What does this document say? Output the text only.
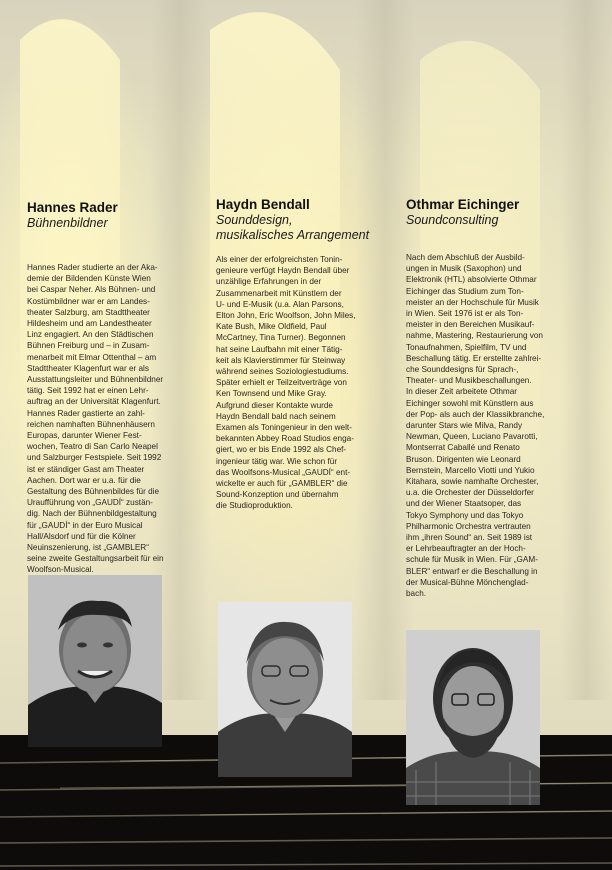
Hannes Rader
Bühnenbildner
Hannes Rader studierte an der Aka-
demie der Bildenden Künste Wien
bei Caspar Neher. Als Bühnen- und
Kostümbildner war er am Landes-
theater Salzburg, am Stadttheater
Hildesheim und am Landestheater
Linz engagiert. An den Städtischen
Bühnen Freiburg und – in Zusam-
menarbeit mit Elmar Ottenthal – am
Stadttheater Klagenfurt war er als
Ausstattungsleiter und Bühnenbildner
tätig. Seit 1992 hat er einen Lehr-
auftrag an der Universität Klagenfurt.
Hannes Rader gastierte an zahl-
reichen namhaften Bühnenhäusern
Europas, darunter Wiener Fest-
wochen, Teatro di San Carlo Neapel
und Salzburger Festspiele. Seit 1992
ist er ständiger Gast am Theater
Aachen. Dort war er u.a. für die
Gestaltung des Bühnenbildes für die
Uraufführung von „GAUDÍ“ zustän-
dig. Nach der Bühnenbildgestaltung
für „GAUDÍ“ in der Euro Musical
Hall/Alsdorf und für die Kölner
Neuinszenierung, ist „GAMBLER“
seine zweite Gestaltungsarbeit für ein
Woolfson-Musical.
Haydn Bendall
Sounddesign,
musikalisches Arrangement
Als einer der erfolgreichsten Tonin-
genieure verfügt Haydn Bendall über
unzählige Erfahrungen in der
Zusammenarbeit mit Künstlern der
U- und E-Musik (u.a. Alan Parsons,
Elton John, Eric Woolfson, John Miles,
Kate Bush, Mike Oldfield, Paul
McCartney, Tina Turner). Begonnen
hat seine Laufbahn mit einer Tätig-
keit als Klavierstimmer für Steinway
während seines Soziologiestudiums.
Später erhielt er Teilzeitverträge von
Ken Townsend und Mike Gray.
Aufgrund dieser Kontakte wurde
Haydn Bendall bald nach seinem
Examen als Toningenieur in den welt-
bekannten Abbey Road Studios enga-
giert, wo er bis Ende 1992 als Chef-
ingenieur tätig war. Wie schon für
das Woolfsons-Musical „GAUDÍ“ ent-
wickelte er auch für „GAMBLER“ die
Sound-Konzeption und übernahm
die Studioproduktion.
Othmar Eichinger
Soundconsulting
Nach dem Abschluß der Ausbild-
ungen in Musik (Saxophon) und
Elektronik (HTL) absolvierte Othmar
Eichinger das Studium zum Ton-
meister an der Hochschule für Musik
in Wien. Seit 1976 ist er als Ton-
meister in den Bereichen Musikauf-
nahme, Mastering, Restaurierung von
Tonaufnahmen, Spielfilm, TV und
Beschallung tätig. Er erstellte zahlrei-
che Sounddesigns für Sprach-,
Theater- und Musikbeschallungen.
In dieser Zeit arbeitete Othmar
Eichinger sowohl mit Künstlern aus
der Pop- als auch der Klassikbranche,
darunter Stars wie Milva, Randy
Newman, Queen, Luciano Pavarotti,
Montserrat Caballé und Renato
Bruson. Dirigenten wie Leonard
Bernstein, Marcello Viotti und Yukio
Kitahara, sowie namhafte Orchester,
u.a. die Orchester der Düsseldorfer
und der Wiener Staatsoper, das
Tokyo Symphony und das Tokyo
Philharmonic Orchestra vertrauten
ihm „ihren Sound“ an. Seit 1989 ist
er Lehrbeauftragter an der Hoch-
schule für Musik in Wien. Für „GAM-
BLER“ entwarf er die Beschallung in
der Musical-Bühne Mönchenglad-
bach.
